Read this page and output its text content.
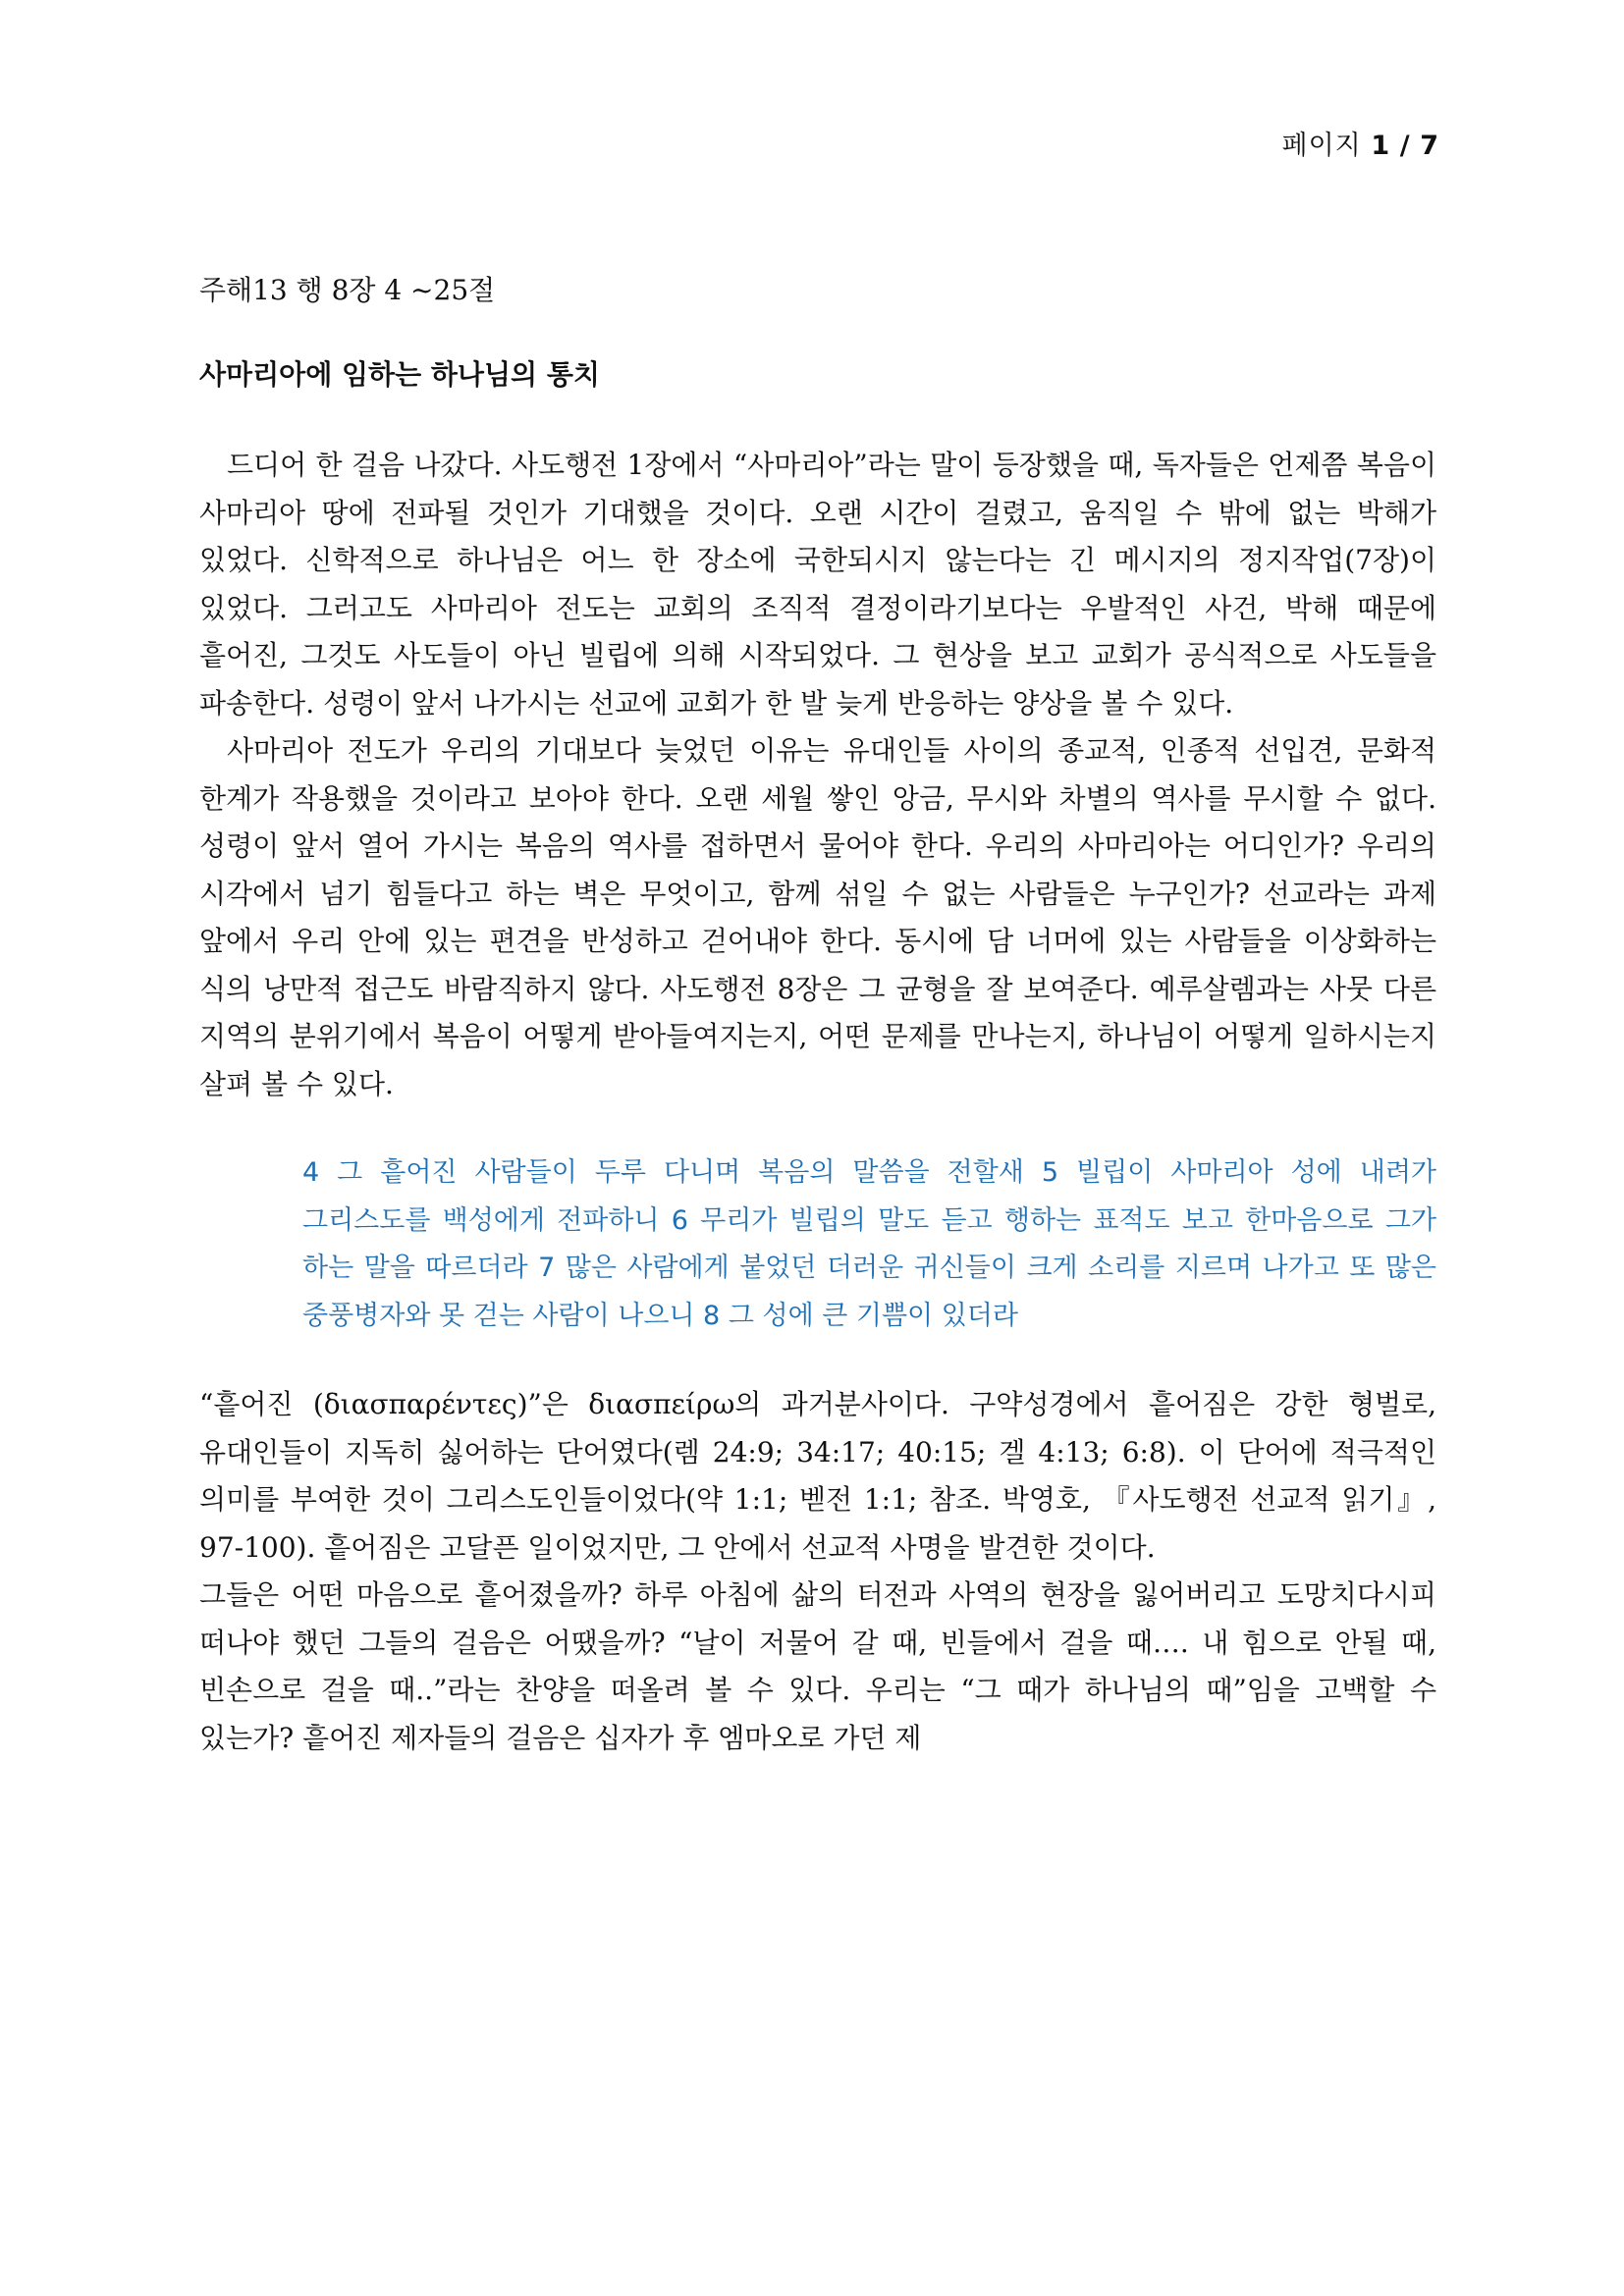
페이지 1 / 7

주해13 행 8장 4 ~25절

사마리아에 임하는 하나님의 통치

드디어 한 걸음 나갔다. 사도행전 1장에서 “사마리아”라는 말이 등장했을 때, 독자들은 언제쯤 복음이 사마리아 땅에 전파될 것인가 기대했을 것이다. 오랜 시간이 걸렸고, 움직일 수 밖에 없는 박해가 있었다. 신학적으로 하나님은 어느 한 장소에 국한되시지 않는다는 긴 메시지의 정지작업(7장)이 있었다. 그러고도 사마리아 전도는 교회의 조직적 결정이라기보다는 우발적인 사건, 박해 때문에 흩어진, 그것도 사도들이 아닌 빌립에 의해 시작되었다. 그 현상을 보고 교회가 공식적으로 사도들을 파송한다. 성령이 앞서 나가시는 선교에 교회가 한 발 늦게 반응하는 양상을 볼 수 있다.

사마리아 전도가 우리의 기대보다 늦었던 이유는 유대인들 사이의 종교적, 인종적 선입견, 문화적 한계가 작용했을 것이라고 보아야 한다. 오랜 세월 쌓인 앙금, 무시와 차별의 역사를 무시할 수 없다. 성령이 앞서 열어 가시는 복음의 역사를 접하면서 물어야 한다. 우리의 사마리아는 어디인가? 우리의 시각에서 넘기 힘들다고 하는 벽은 무엇이고, 함께 섞일 수 없는 사람들은 누구인가? 선교라는 과제 앞에서 우리 안에 있는 편견을 반성하고 걷어내야 한다. 동시에 담 너머에 있는 사람들을 이상화하는 식의 낭만적 접근도 바람직하지 않다. 사도행전 8장은 그 균형을 잘 보여준다. 예루살렘과는 사뭇 다른 지역의 분위기에서 복음이 어떻게 받아들여지는지, 어떤 문제를 만나는지, 하나님이 어떻게 일하시는지 살펴 볼 수 있다.

4 그 흩어진 사람들이 두루 다니며 복음의 말씀을 전할새 5 빌립이 사마리아 성에 내려가 그리스도를 백성에게 전파하니 6 무리가 빌립의 말도 듣고 행하는 표적도 보고 한마음으로 그가 하는 말을 따르더라 7 많은 사람에게 붙었던 더러운 귀신들이 크게 소리를 지르며 나가고 또 많은 중풍병자와 못 걷는 사람이 나으니 8 그 성에 큰 기쁨이 있더라

“흩어진 (διασπαρέντες)”은 διασπείρω의 과거분사이다. 구약성경에서 흩어짐은 강한 형벌로, 유대인들이 지독히 싫어하는 단어였다(렘 24:9; 34:17; 40:15; 겔 4:13; 6:8). 이 단어에 적극적인 의미를 부여한 것이 그리스도인들이었다(약 1:1; 벧전 1:1; 참조. 박영호, 『사도행전 선교적 읽기』, 97-100). 흩어짐은 고달픈 일이었지만, 그 안에서 선교적 사명을 발견한 것이다.

그들은 어떤 마음으로 흩어졌을까? 하루 아침에 삶의 터전과 사역의 현장을 잃어버리고 도망치다시피 떠나야 했던 그들의 걸음은 어땠을까? “날이 저물어 갈 때, 빈들에서 걸을 때…. 내 힘으로 안될 때, 빈손으로 걸을 때..”라는 찬양을 떠올려 볼 수 있다. 우리는 “그 때가 하나님의 때”임을 고백할 수 있는가? 흩어진 제자들의 걸음은 십자가 후 엠마오로 가던 제
